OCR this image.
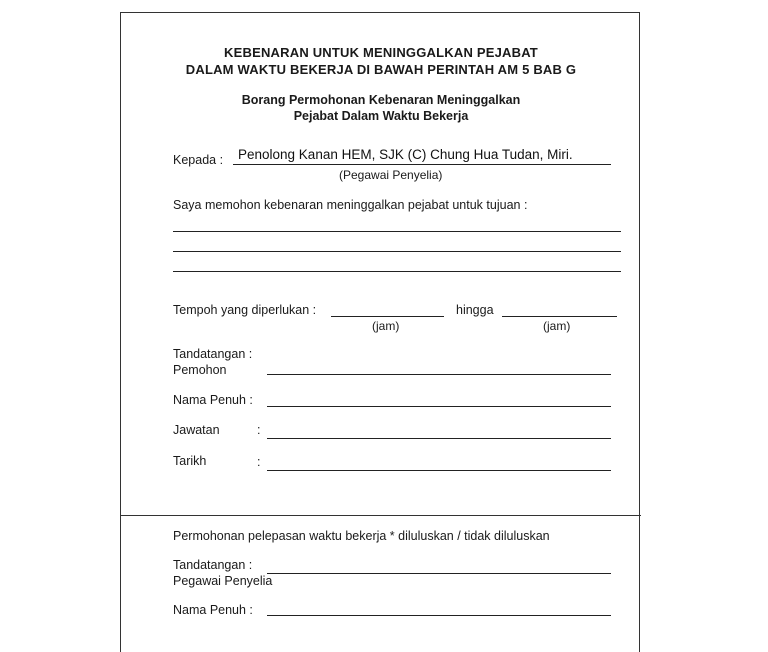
KEBENARAN UNTUK MENINGGALKAN PEJABAT
DALAM WAKTU BEKERJA DI BAWAH PERINTAH AM 5 BAB G
Borang Permohonan Kebenaran Meninggalkan
Pejabat Dalam Waktu Bekerja
Kepada : Penolong Kanan HEM, SJK (C) Chung Hua Tudan, Miri.
(Pegawai Penyelia)
Saya memohon kebenaran meninggalkan pejabat untuk tujuan :
Tempoh yang diperlukan :	hingga
(jam)	(jam)
Tandatangan :
Pemohon
Nama Penuh :
Jawatan	:
Tarikh	:
Permohonan pelepasan waktu bekerja * diluluskan / tidak diluluskan
Tandatangan :
Pegawai Penyelia
Nama Penuh :
